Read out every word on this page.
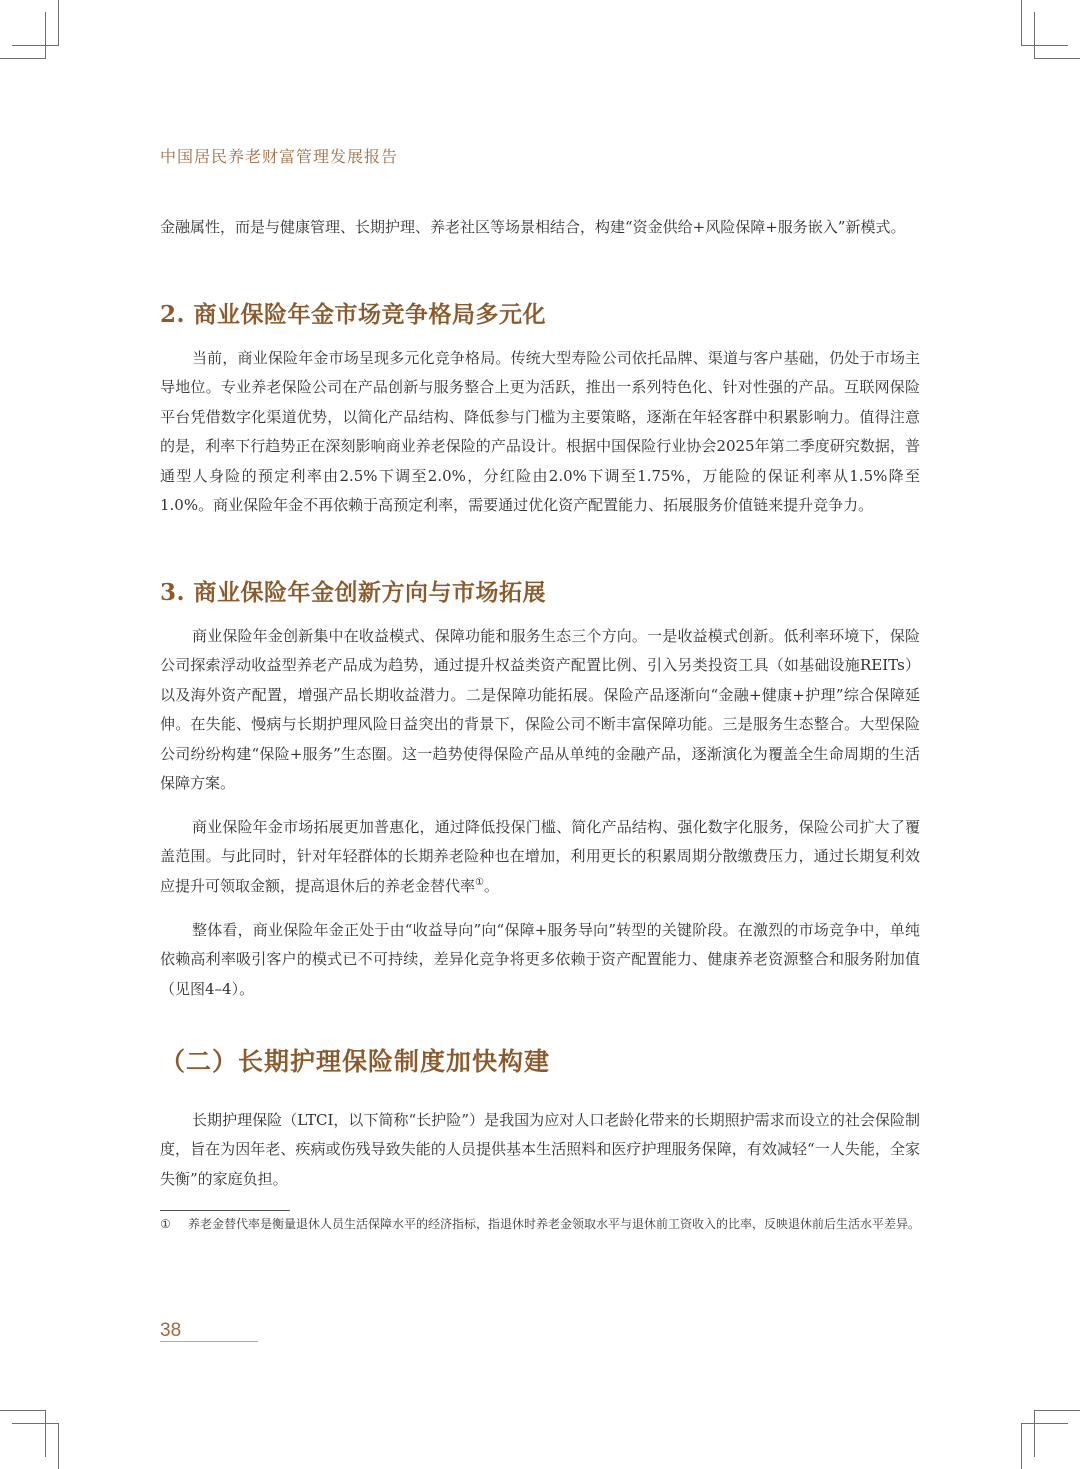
中国居民养老财富管理发展报告

金融属性，而是与健康管理、长期护理、养老社区等场景相结合，构建“资金供给+风险保障+服务嵌入”新模式。

2. 商业保险年金市场竞争格局多元化

当前，商业保险年金市场呈现多元化竞争格局。传统大型寿险公司依托品牌、渠道与客户基础，仍处于市场主导地位。专业养老保险公司在产品创新与服务整合上更为活跃，推出一系列特色化、针对性强的产品。互联网保险平台凭借数字化渠道优势，以简化产品结构、降低参与门槛为主要策略，逐渐在年轻客群中积累影响力。值得注意的是，利率下行趋势正在深刻影响商业养老保险的产品设计。根据中国保险行业协会2025年第二季度研究数据，普通型人身险的预定利率由2.5%下调至2.0%，分红险由2.0%下调至1.75%，万能险的保证利率从1.5%降至1.0%。商业保险年金不再依赖于高预定利率，需要通过优化资产配置能力、拓展服务价值链来提升竞争力。

3. 商业保险年金创新方向与市场拓展

商业保险年金创新集中在收益模式、保障功能和服务生态三个方向。一是收益模式创新。低利率环境下，保险公司探索浮动收益型养老产品成为趋势，通过提升权益类资产配置比例、引入另类投资工具（如基础设施REITs）以及海外资产配置，增强产品长期收益潜力。二是保障功能拓展。保险产品逐渐向“金融+健康+护理”综合保障延伸。在失能、慢病与长期护理风险日益突出的背景下，保险公司不断丰富保障功能。三是服务生态整合。大型保险公司纷纷构建“保险+服务”生态圈。这一趋势使得保险产品从单纯的金融产品，逐渐演化为覆盖全生命周期的生活保障方案。

商业保险年金市场拓展更加普惠化，通过降低投保门槛、简化产品结构、强化数字化服务，保险公司扩大了覆盖范围。与此同时，针对年轻群体的长期养老险种也在增加，利用更长的积累周期分散缴费压力，通过长期复利效应提升可领取金额，提高退休后的养老金替代率①。

整体看，商业保险年金正处于由“收益导向”向“保障+服务导向”转型的关键阶段。在激烈的市场竞争中，单纯依赖高利率吸引客户的模式已不可持续，差异化竞争将更多依赖于资产配置能力、健康养老资源整合和服务附加值（见图4–4）。

（二）长期护理保险制度加快构建

长期护理保险（LTCI，以下简称“长护险”）是我国为应对人口老龄化带来的长期照护需求而设立的社会保险制度，旨在为因年老、疾病或伤残导致失能的人员提供基本生活照料和医疗护理服务保障，有效减轻“一人失能，全家失衡”的家庭负担。

① 养老金替代率是衡量退休人员生活保障水平的经济指标，指退休时养老金领取水平与退休前工资收入的比率，反映退休前后生活水平差异。
38
